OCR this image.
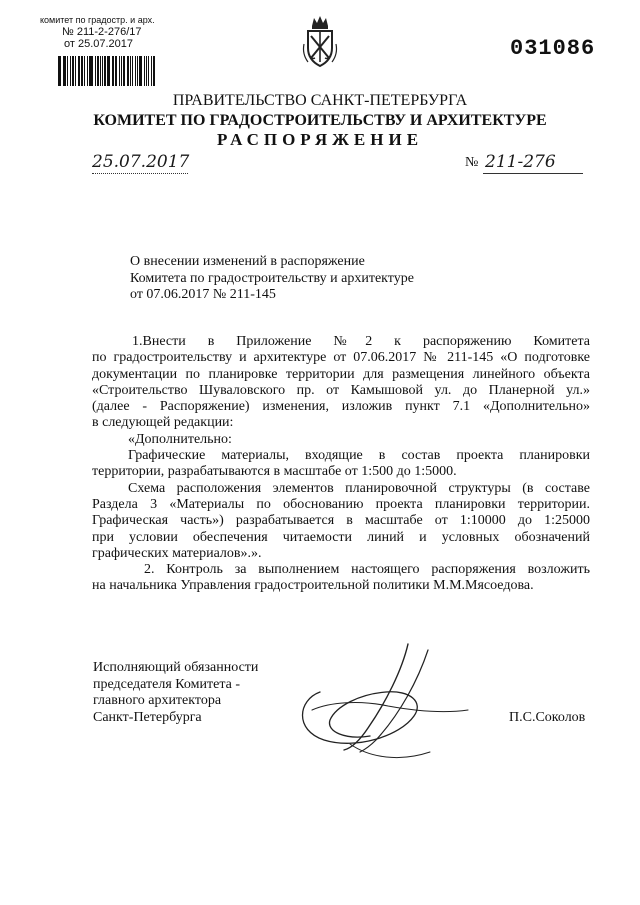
комитет по градостр. и арх.
№ 211-2-276/17
от 25.07.2017	031086
ПРАВИТЕЛЬСТВО САНКТ-ПЕТЕРБУРГА
КОМИТЕТ ПО ГРАДОСТРОИТЕЛЬСТВУ И АРХИТЕКТУРЕ
РАСПОРЯЖЕНИЕ
25.07.2017	№ 211-276
О внесении изменений в распоряжение
Комитета по градостроительству и архитектуре
от 07.06.2017 № 211-145
1.Внести в Приложение №2 к распоряжению Комитета
по градостроительству и архитектуре от 07.06.2017 № 211-145 «О подготовке
документации по планировке территории для размещения линейного объекта
«Строительство Шуваловского пр. от Камышовой ул. до Планерной ул.»
(далее - Распоряжение) изменения, изложив пункт 7.1 «Дополнительно»
в следующей редакции:
«Дополнительно:
Графические материалы, входящие в состав проекта планировки
территории, разрабатываются в масштабе от 1:500 до 1:5000.
Схема расположения элементов планировочной структуры (в составе
Раздела 3 «Материалы по обоснованию проекта планировки территории.
Графическая часть») разрабатывается в масштабе от 1:10000 до 1:25000
при условии обеспечения читаемости линий и условных обозначений
графических материалов».».
2. Контроль за выполнением настоящего распоряжения возложить
на начальника Управления градостроительной политики М.М.Мясоедова.
Исполняющий обязанности
председателя Комитета -
главного архитектора
Санкт-Петербурга	П.С.Соколов
